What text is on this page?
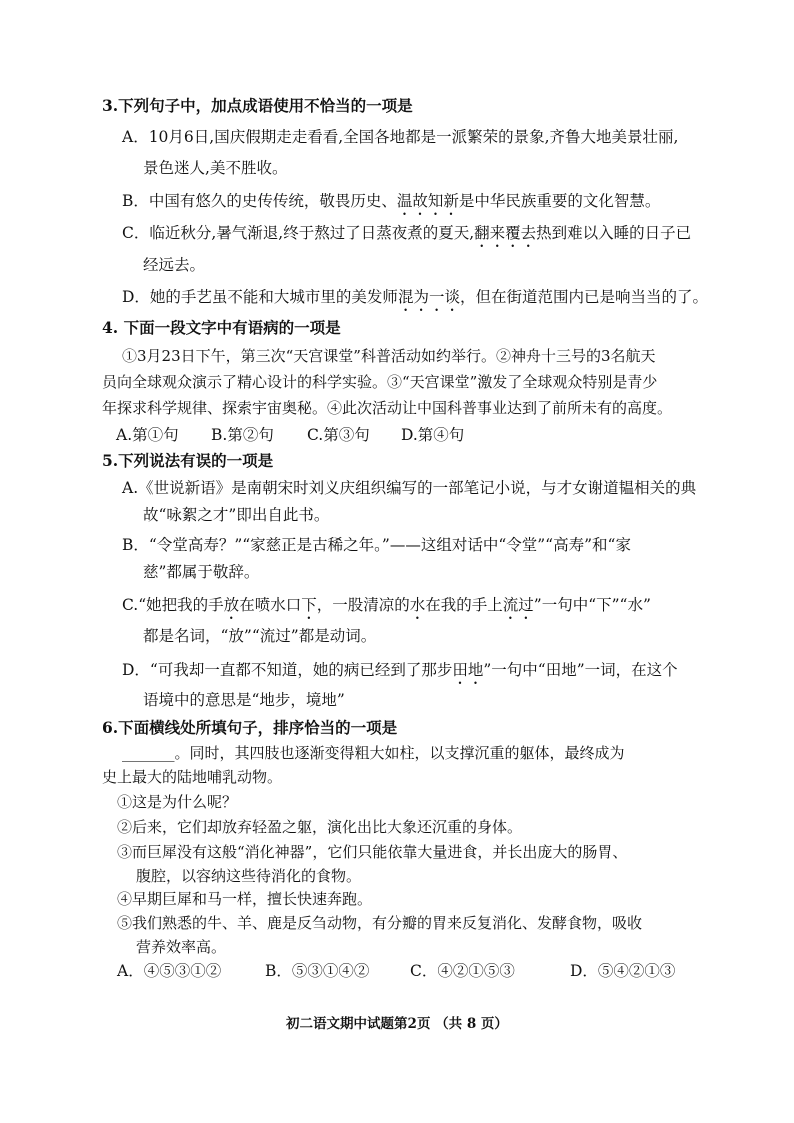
3.下列句子中，加点成语使用不恰当的一项是
A．10月6日,国庆假期走走看看,全国各地都是一派繁荣的景象,齐鲁大地美景壮丽,
景色迷人,美不胜收。
B．中国有悠久的史传传统，敬畏历史、温故知新是中华民族重要的文化智慧。
C．临近秋分,暑气渐退,终于熬过了日蒸夜煮的夏天,翻来覆去热到难以入睡的日子已
经远去。
D．她的手艺虽不能和大城市里的美发师混为一谈，但在街道范围内已是响当当的了。
4. 下面一段文字中有语病的一项是
①3月23日下午，第三次“天宫课堂”科普活动如约举行。②神舟十三号的3名航天
员向全球观众演示了精心设计的科学实验。③“天宫课堂”激发了全球观众特别是青少
年探求科学规律、探索宇宙奥秘。④此次活动让中国科普事业达到了前所未有的高度。
A.第①句 B.第②句 C.第③句 D.第④句
5.下列说法有误的一项是
A.《世说新语》是南朝宋时刘义庆组织编写的一部笔记小说，与才女谢道韫相关的典
故“咏絮之才”即出自此书。
B．“令堂高寿？”“家慈正是古稀之年。”——这组对话中“令堂”“高寿”和“家
慈”都属于敬辞。
C.“她把我的手放在喷水口下，一股清凉的水在我的手上流过”一句中“下”“水”
都是名词，“放”“流过”都是动词。
D．“可我却一直都不知道，她的病已经到了那步田地”一句中“田地”一词，在这个
语境中的意思是“地步，境地”
6.下面横线处所填句子，排序恰当的一项是
_______。同时，其四肢也逐渐变得粗大如柱，以支撑沉重的躯体，最终成为
史上最大的陆地哺乳动物。
①这是为什么呢？
②后来，它们却放弃轻盈之躯，演化出比大象还沉重的身体。
③而巨犀没有这般“消化神器”，它们只能依靠大量进食，并长出庞大的肠胃、
腹腔，以容纳这些待消化的食物。
④早期巨犀和马一样，擅长快速奔跑。
⑤我们熟悉的牛、羊、鹿是反刍动物，有分瓣的胃来反复消化、发酵食物，吸收
营养效率高。
A．④⑤③①②	B．⑤③①④②	C．④②①⑤③	D．⑤④②①③
初二语文期中试题第2页 （共 8 页）
